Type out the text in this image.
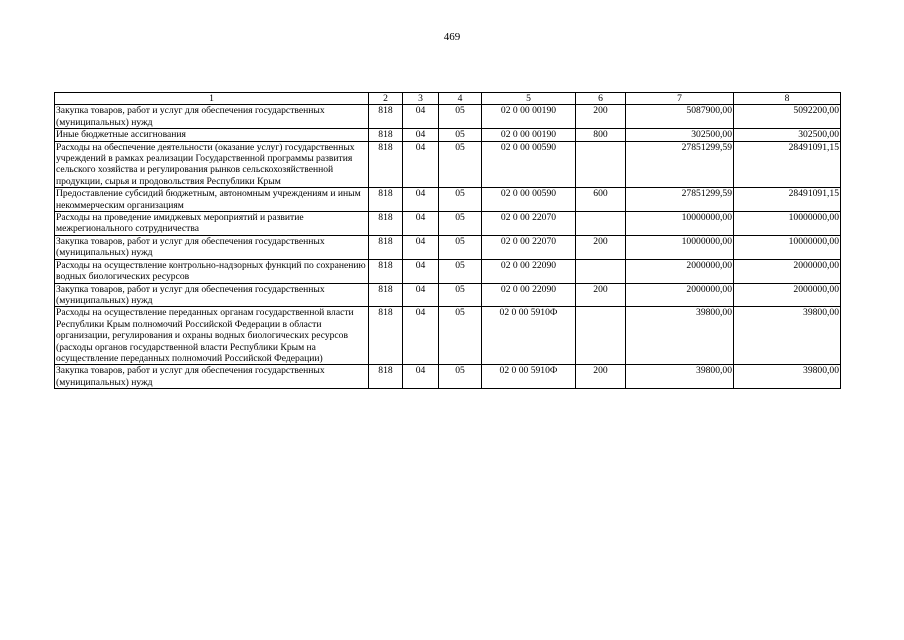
469
1	2	3	4	5	6	7	8
Закупка товаров, работ и услуг для обеспечения государственных (муниципальных) нужд	818	04	05	02 0 00 00190	200	5087900,00	5092200,00
Иные бюджетные ассигнования	818	04	05	02 0 00 00190	800	302500,00	302500,00
Расходы на обеспечение деятельности (оказание услуг) государственных учреждений в рамках реализации Государственной программы развития сельского хозяйства и регулирования рынков сельскохозяйственной продукции, сырья и продовольствия Республики Крым	818	04	05	02 0 00 00590		27851299,59	28491091,15
Предоставление субсидий бюджетным, автономным учреждениям и иным некоммерческим организациям	818	04	05	02 0 00 00590	600	27851299,59	28491091,15
Расходы на проведение имиджевых мероприятий и развитие межрегионального сотрудничества	818	04	05	02 0 00 22070		10000000,00	10000000,00
Закупка товаров, работ и услуг для обеспечения государственных (муниципальных) нужд	818	04	05	02 0 00 22070	200	10000000,00	10000000,00
Расходы на осуществление контрольно-надзорных функций по сохранению водных биологических ресурсов	818	04	05	02 0 00 22090		2000000,00	2000000,00
Закупка товаров, работ и услуг для обеспечения государственных (муниципальных) нужд	818	04	05	02 0 00 22090	200	2000000,00	2000000,00
Расходы на осуществление переданных органам государственной власти Республики Крым полномочий Российской Федерации в области организации, регулирования и охраны водных биологических ресурсов (расходы органов государственной власти Республики Крым на осуществление переданных полномочий Российской Федерации)	818	04	05	02 0 00 5910Ф		39800,00	39800,00
Закупка товаров, работ и услуг для обеспечения государственных (муниципальных) нужд	818	04	05	02 0 00 5910Ф	200	39800,00	39800,00
